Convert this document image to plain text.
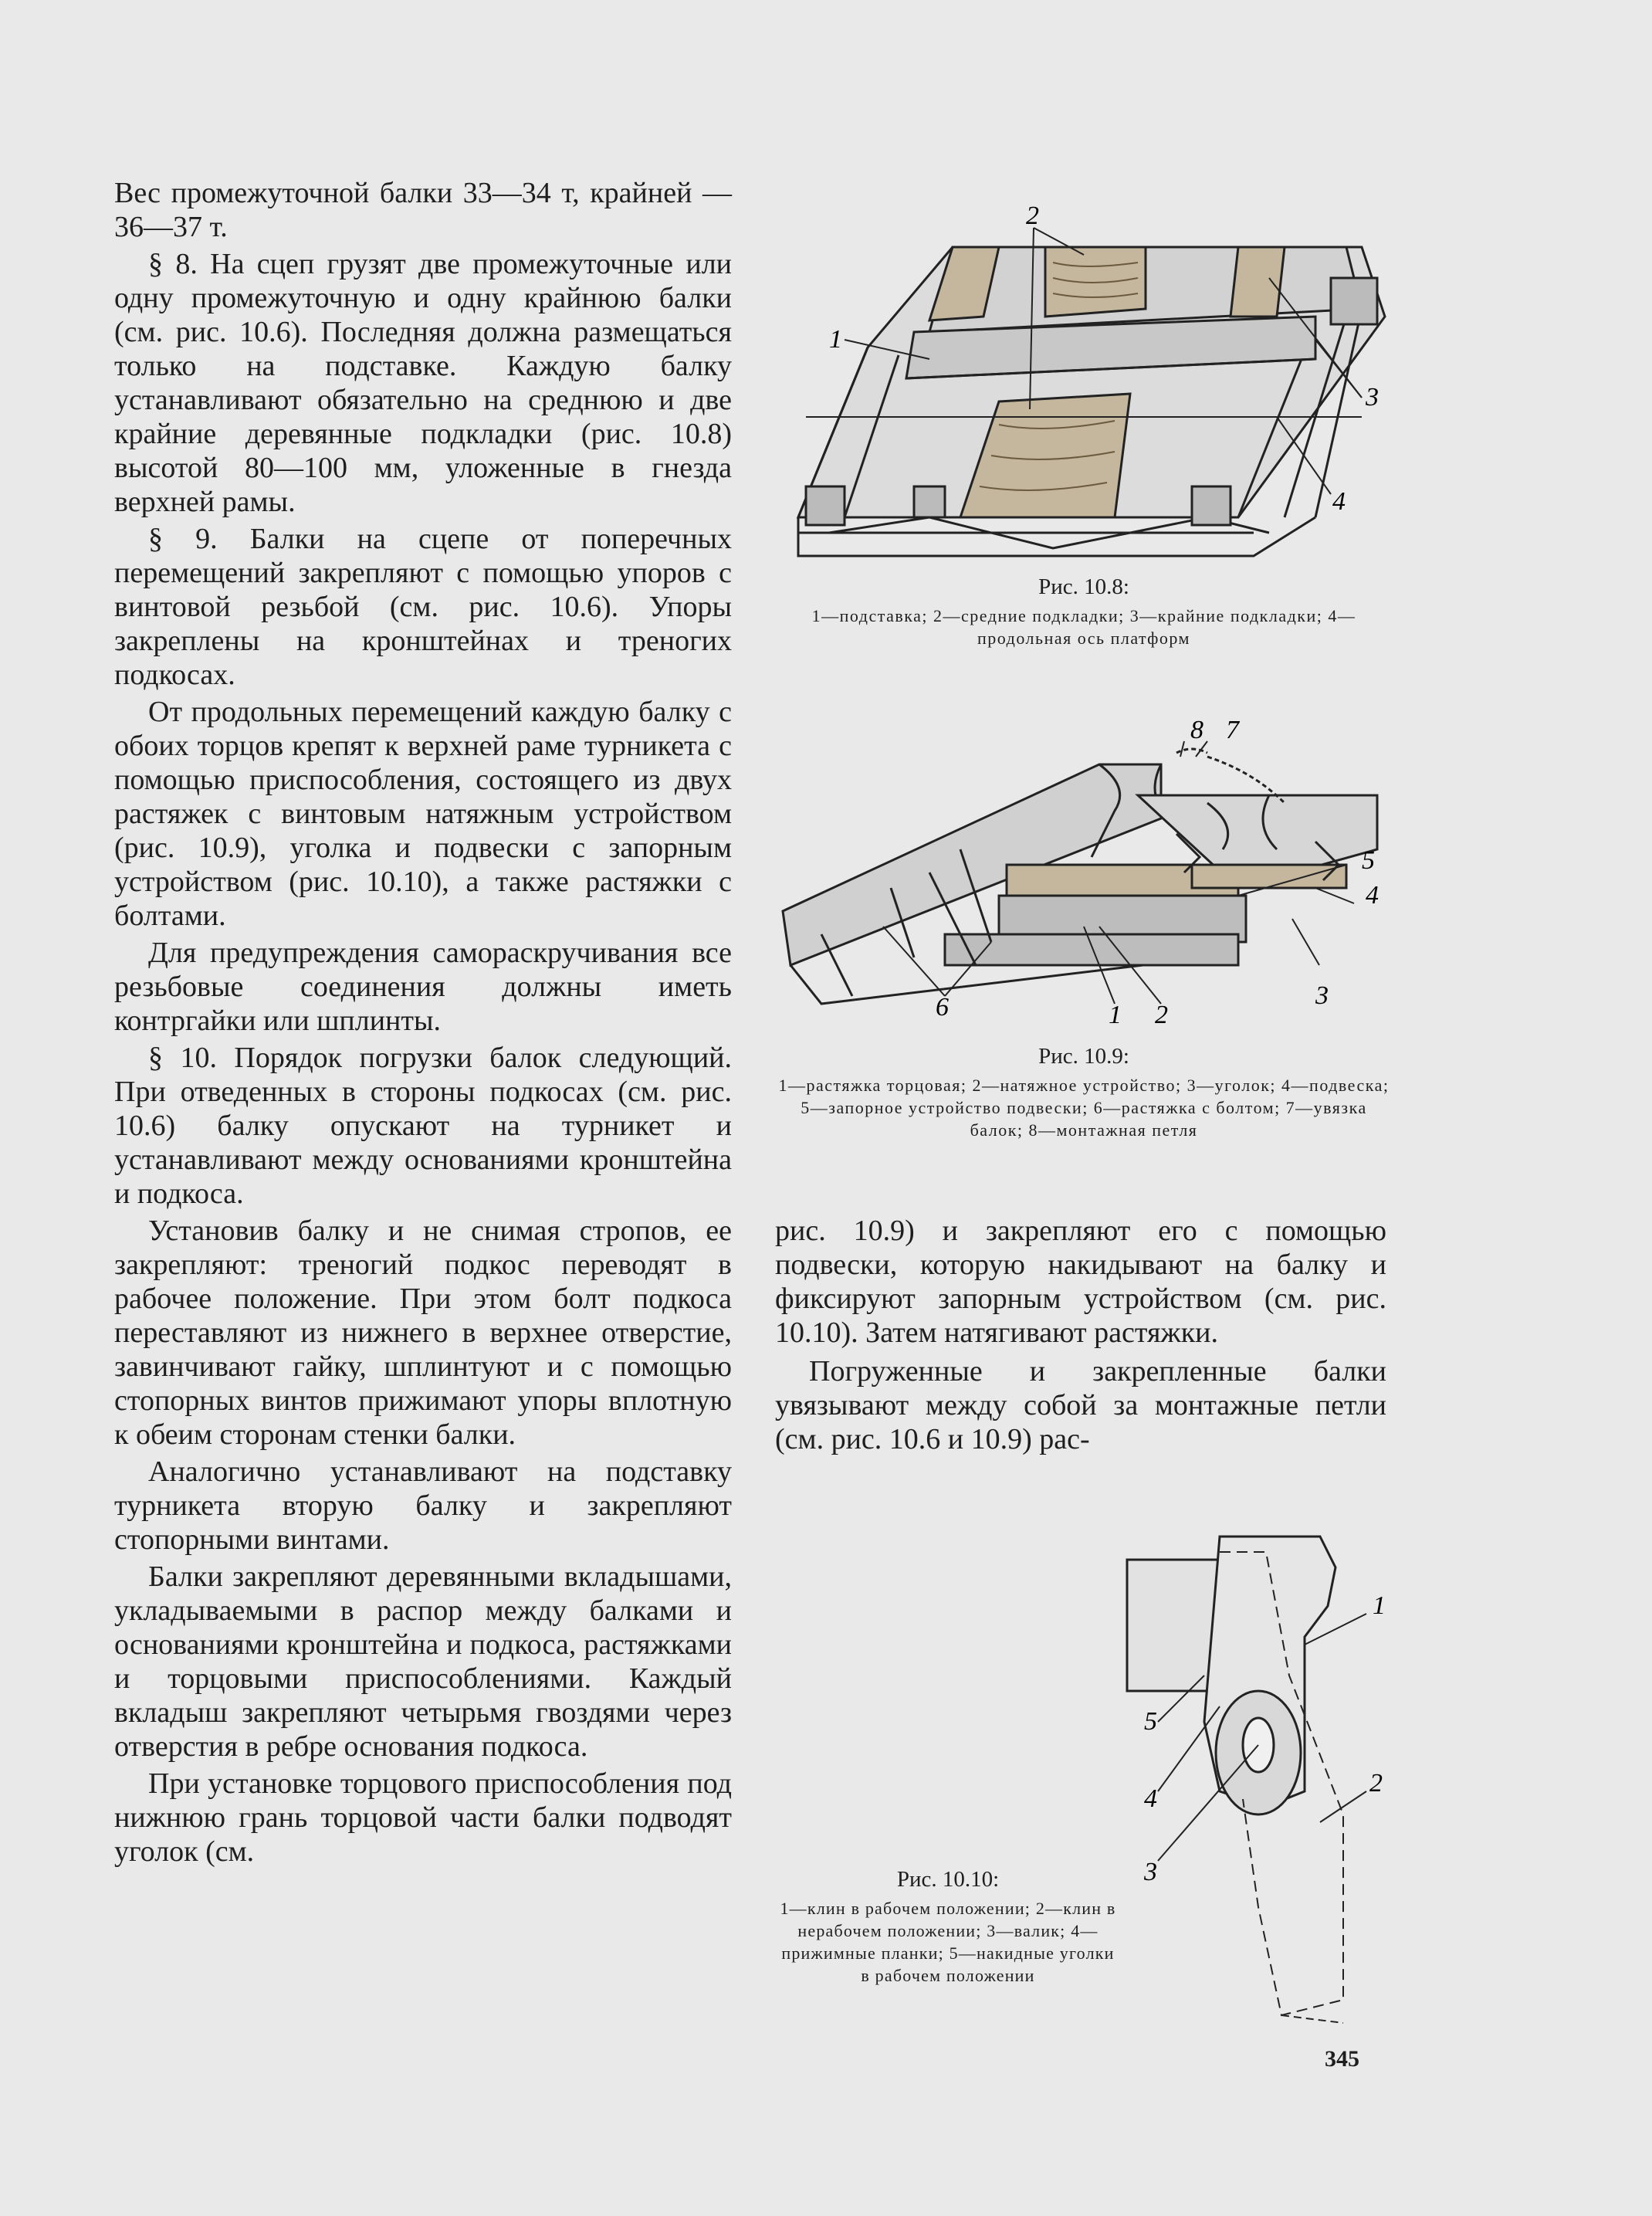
Вес промежуточной балки 33—34 т, крайней — 36—37 т.

§ 8. На сцеп грузят две промежуточные или одну промежуточную и одну крайнюю балки (см. рис. 10.6). Последняя должна размещаться только на подставке. Каждую балку устанавливают обязательно на среднюю и две крайние деревянные подкладки (рис. 10.8) высотой 80—100 мм, уложенные в гнезда верхней рамы.

§ 9. Балки на сцепе от поперечных перемещений закрепляют с помощью упоров с винтовой резьбой (см. рис. 10.6). Упоры закреплены на кронштейнах и треногих подкосах.

От продольных перемещений каждую балку с обоих торцов крепят к верхней раме турникета с помощью приспособления, состоящего из двух растяжек с винтовым натяжным устройством (рис. 10.9), уголка и подвески с запорным устройством (рис. 10.10), а также растяжки с болтами.

Для предупреждения самораскручивания все резьбовые соединения должны иметь контргайки или шплинты.

§ 10. Порядок погрузки балок следующий. При отведенных в стороны подкосах (см. рис. 10.6) балку опускают на турникет и устанавливают между основаниями кронштейна и подкоса.

Установив балку и не снимая стропов, ее закрепляют: треногий подкос переводят в рабочее положение. При этом болт подкоса переставляют из нижнего в верхнее отверстие, завинчивают гайку, шплинтуют и с помощью стопорных винтов прижимают упоры вплотную к обеим сторонам стенки балки.

Аналогично устанавливают на подставку турникета вторую балку и закрепляют стопорными винтами.

Балки закрепляют деревянными вкладышами, укладываемыми в распор между балками и основаниями кронштейна и подкоса, растяжками и торцовыми приспособлениями. Каждый вкладыш закрепляют четырьмя гвоздями через отверстия в ребре основания подкоса.

При установке торцового приспособления под нижнюю грань торцовой части балки подводят уголок (см.

1
2
3
4

Рис. 10.8:

1—подставка; 2—средние подкладки; 3—крайние подкладки; 4—продольная ось платформ

8 7
5
4
3
6	1 2

Рис. 10.9:

1—растяжка торцовая; 2—натяжное устройство; 3—уголок; 4—подвеска; 5—запорное устройство подвески; 6—растяжка с болтом; 7—увязка балок; 8—монтажная петля

рис. 10.9) и закрепляют его с помощью подвески, которую накидывают на балку и фиксируют запорным устройством (см. рис. 10.10). Затем натягивают растяжки.

Погруженные и закрепленные балки увязывают между собой за монтажные петли (см. рис. 10.6 и 10.9) рас-

1
5
4
3
2

Рис. 10.10:

1—клин в рабочем положении; 2—клин в нерабочем положении; 3—валик; 4—прижимные планки; 5—накидные уголки в рабочем положении

345
